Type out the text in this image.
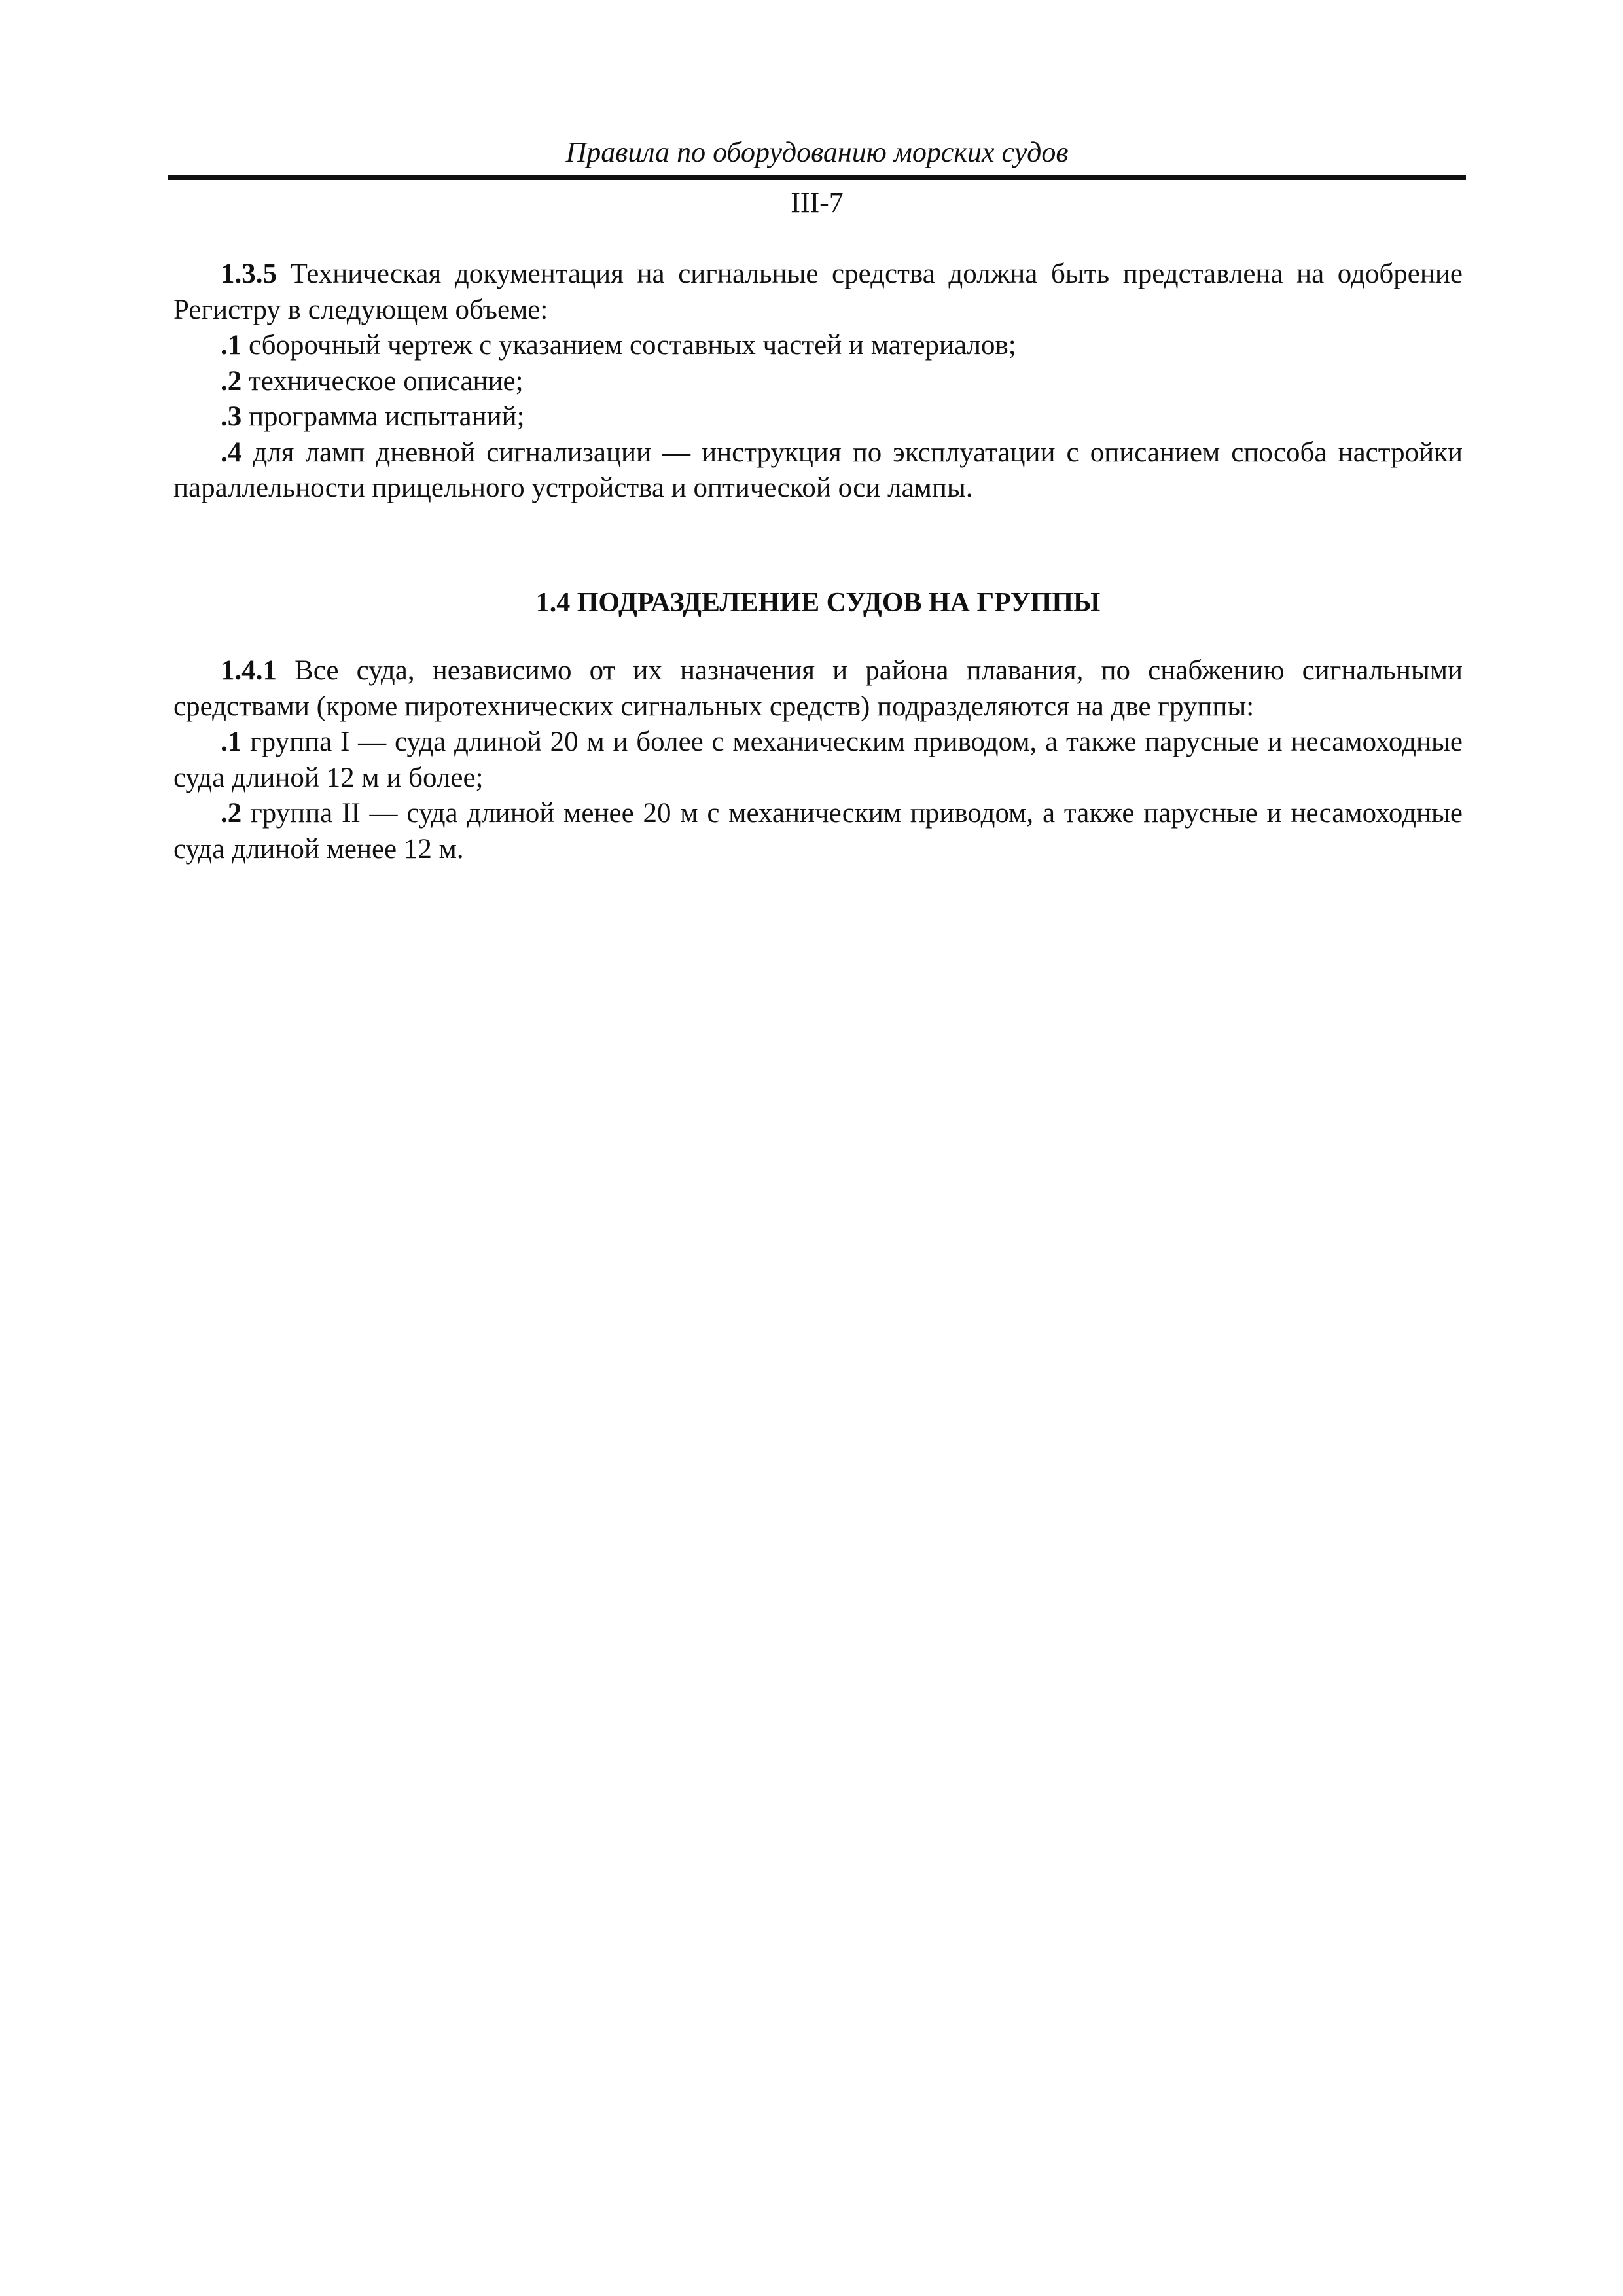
Правила по оборудованию морских судов
III-7

1.3.5 Техническая документация на сигнальные средства должна быть представлена на одобрение Регистру в следующем объеме:

.1 сборочный чертеж с указанием составных частей и материалов;

.2 техническое описание;

.3 программа испытаний;

.4 для ламп дневной сигнализации — инструкция по эксплуатации с описанием способа настройки параллельности прицельного устройства и оптической оси лампы.

1.4 ПОДРАЗДЕЛЕНИЕ СУДОВ НА ГРУППЫ

1.4.1 Все суда, независимо от их назначения и района плавания, по снабжению сигнальными средствами (кроме пиротехнических сигнальных средств) подразделяются на две группы:

.1 группа I — суда длиной 20 м и более с механическим приводом, а также парусные и несамоходные суда длиной 12 м и более;

.2 группа II — суда длиной менее 20 м с механическим приводом, а также парусные и несамоходные суда длиной менее 12 м.
